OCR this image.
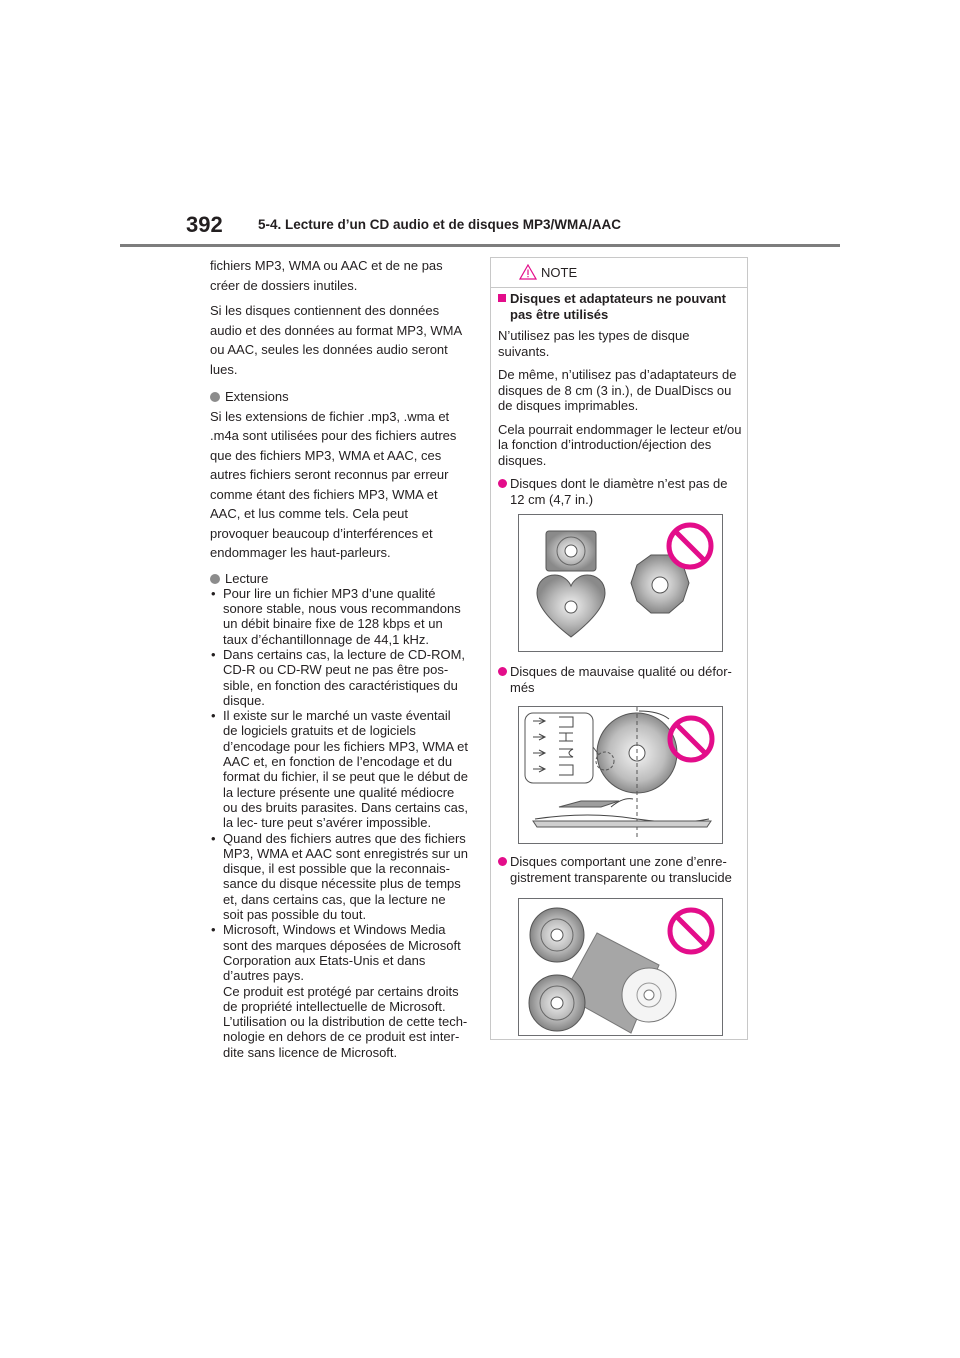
392	5-4. Lecture d’un CD audio et de disques MP3/WMA/AAC

fichiers MP3, WMA ou AAC et de ne pas créer de dossiers inutiles.

Si les disques contiennent des données audio et des données au format MP3, WMA ou AAC, seules les données audio seront lues.

Extensions

Si les extensions de fichier .mp3, .wma et .m4a sont utilisées pour des fichiers autres que des fichiers MP3, WMA et AAC, ces autres fichiers seront reconnus par erreur comme étant des fichiers MP3, WMA et AAC, et lus comme tels. Cela peut provoquer beaucoup d’interférences et endommager les haut-parleurs.

Lecture
• Pour lire un fichier MP3 d’une qualité sonore stable, nous vous recommandons un débit binaire fixe de 128 kbps et un taux d’échantillonnage de 44,1 kHz.
• Dans certains cas, la lecture de CD-ROM, CD-R ou CD-RW peut ne pas être pos- sible, en fonction des caractéristiques du disque.
• Il existe sur le marché un vaste éventail de logiciels gratuits et de logiciels d’encodage pour les fichiers MP3, WMA et AAC et, en fonction de l’encodage et du format du fichier, il se peut que le début de la lecture présente une qualité médiocre ou des bruits parasites. Dans certains cas, la lec- ture peut s’avérer impossible.
• Quand des fichiers autres que des fichiers MP3, WMA et AAC sont enregistrés sur un disque, il est possible que la reconnais- sance du disque nécessite plus de temps et, dans certains cas, que la lecture ne soit pas possible du tout.
• Microsoft, Windows et Windows Media sont des marques déposées de Microsoft Corporation aux Etats-Unis et dans d’autres pays.
Ce produit est protégé par certains droits de propriété intellectuelle de Microsoft. L’utilisation ou la distribution de cette tech- nologie en dehors de ce produit est inter- dite sans licence de Microsoft.
NOTE
Disques et adaptateurs ne pouvant pas être utilisés

N’utilisez pas les types de disque suivants.

De même, n’utilisez pas d’adaptateurs de disques de 8 cm (3 in.), de DualDiscs ou de disques imprimables.

Cela pourrait endommager le lecteur et/ou la fonction d’introduction/éjection des disques.

Disques dont le diamètre n’est pas de 12 cm (4,7 in.)
Disques de mauvaise qualité ou défor- més
Disques comportant une zone d’enre- gistrement transparente ou translucide
